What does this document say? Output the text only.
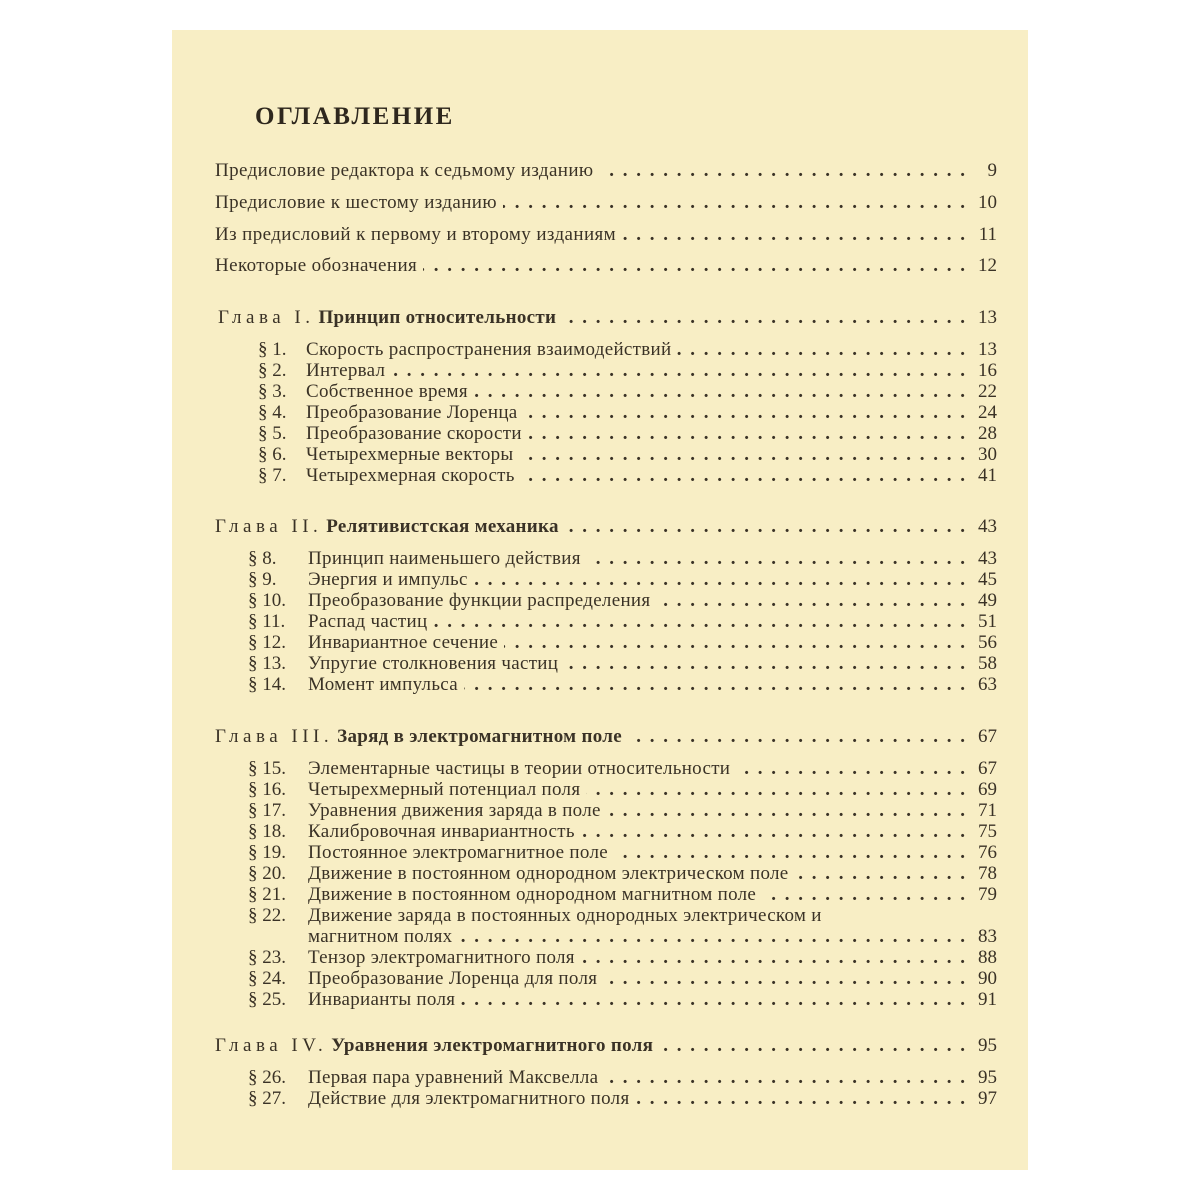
ОГЛАВЛЕНИЕ
Предисловие редактора к седьмому изданию . . .	9
Предисловие к шестому изданию . . .	10
Из предисловий к первому и второму изданиям . . .	11
Некоторые обозначения . . .	12
Глава I. Принцип относительности . . .	13
§ 1.	Скорость распространения взаимодействий . . .	13
§ 2.	Интервал . . .	16
§ 3.	Собственное время . . .	22
§ 4.	Преобразование Лоренца . . .	24
§ 5.	Преобразование скорости . . .	28
§ 6.	Четырехмерные векторы . . .	30
§ 7.	Четырехмерная скорость . . .	41
Глава II. Релятивистская механика . . .	43
§ 8.	Принцип наименьшего действия . . .	43
§ 9.	Энергия и импульс . . .	45
§ 10.	Преобразование функции распределения . . .	49
§ 11.	Распад частиц . . .	51
§ 12.	Инвариантное сечение . . .	56
§ 13.	Упругие столкновения частиц . . .	58
§ 14.	Момент импульса . . .	63
Глава III. Заряд в электромагнитном поле . . .	67
§ 15.	Элементарные частицы в теории относительности . . .	67
§ 16.	Четырехмерный потенциал поля . . .	69
§ 17.	Уравнения движения заряда в поле . . .	71
§ 18.	Калибровочная инвариантность . . .	75
§ 19.	Постоянное электромагнитное поле . . .	76
§ 20.	Движение в постоянном однородном электрическом поле . . .	78
§ 21.	Движение в постоянном однородном магнитном поле . . .	79
§ 22.	Движение заряда в постоянных однородных электрическом и
магнитном полях . . .	83
§ 23.	Тензор электромагнитного поля . . .	88
§ 24.	Преобразование Лоренца для поля . . .	90
§ 25.	Инварианты поля . . .	91
Глава IV. Уравнения электромагнитного поля . . .	95
§ 26.	Первая пара уравнений Максвелла . . .	95
§ 27.	Действие для электромагнитного поля . . .	97
